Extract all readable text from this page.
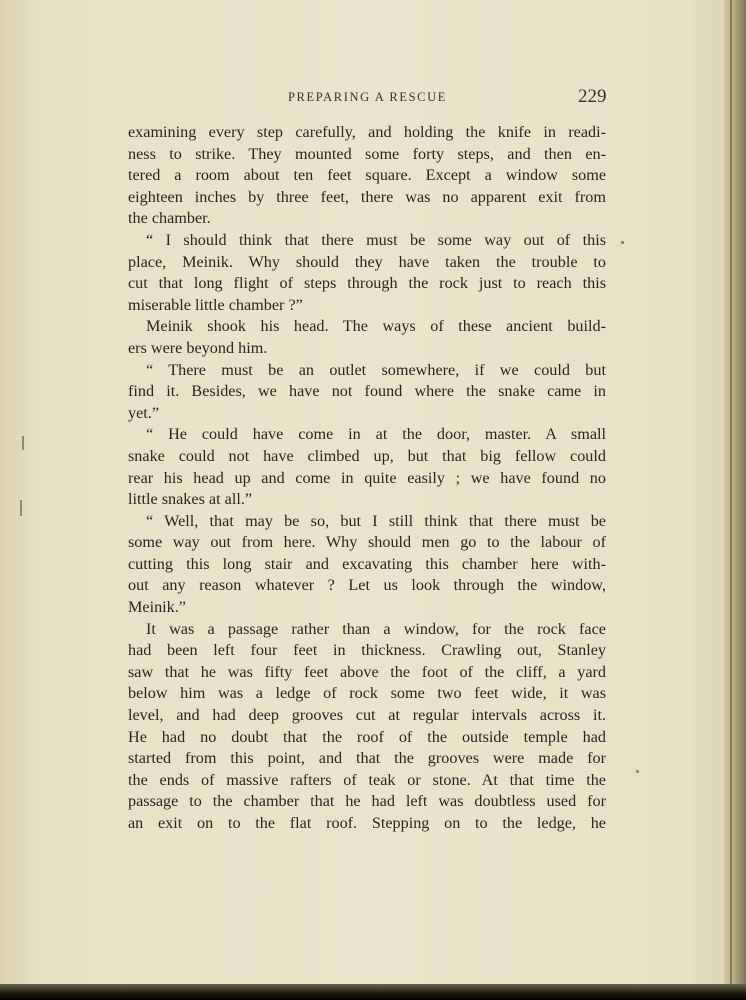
PREPARING A RESCUE	229
examining every step carefully, and holding the knife in readi-
ness to strike. They mounted some forty steps, and then en-
tered a room about ten feet square. Except a window some
eighteen inches by three feet, there was no apparent exit from
the chamber.
“ I should think that there must be some way out of this
place, Meinik. Why should they have taken the trouble to
cut that long flight of steps through the rock just to reach this
miserable little chamber ?”
Meinik shook his head. The ways of these ancient build-
ers were beyond him.
“ There must be an outlet somewhere, if we could but
find it. Besides, we have not found where the snake came in
yet.”
“ He could have come in at the door, master. A small
snake could not have climbed up, but that big fellow could
rear his head up and come in quite easily ; we have found no
little snakes at all.”
“ Well, that may be so, but I still think that there must be
some way out from here. Why should men go to the labour of
cutting this long stair and excavating this chamber here with-
out any reason whatever ? Let us look through the window,
Meinik.”
It was a passage rather than a window, for the rock face
had been left four feet in thickness. Crawling out, Stanley
saw that he was fifty feet above the foot of the cliff, a yard
below him was a ledge of rock some two feet wide, it was
level, and had deep grooves cut at regular intervals across it.
He had no doubt that the roof of the outside temple had
started from this point, and that the grooves were made for
the ends of massive rafters of teak or stone. At that time the
passage to the chamber that he had left was doubtless used for
an exit on to the flat roof. Stepping on to the ledge, he
